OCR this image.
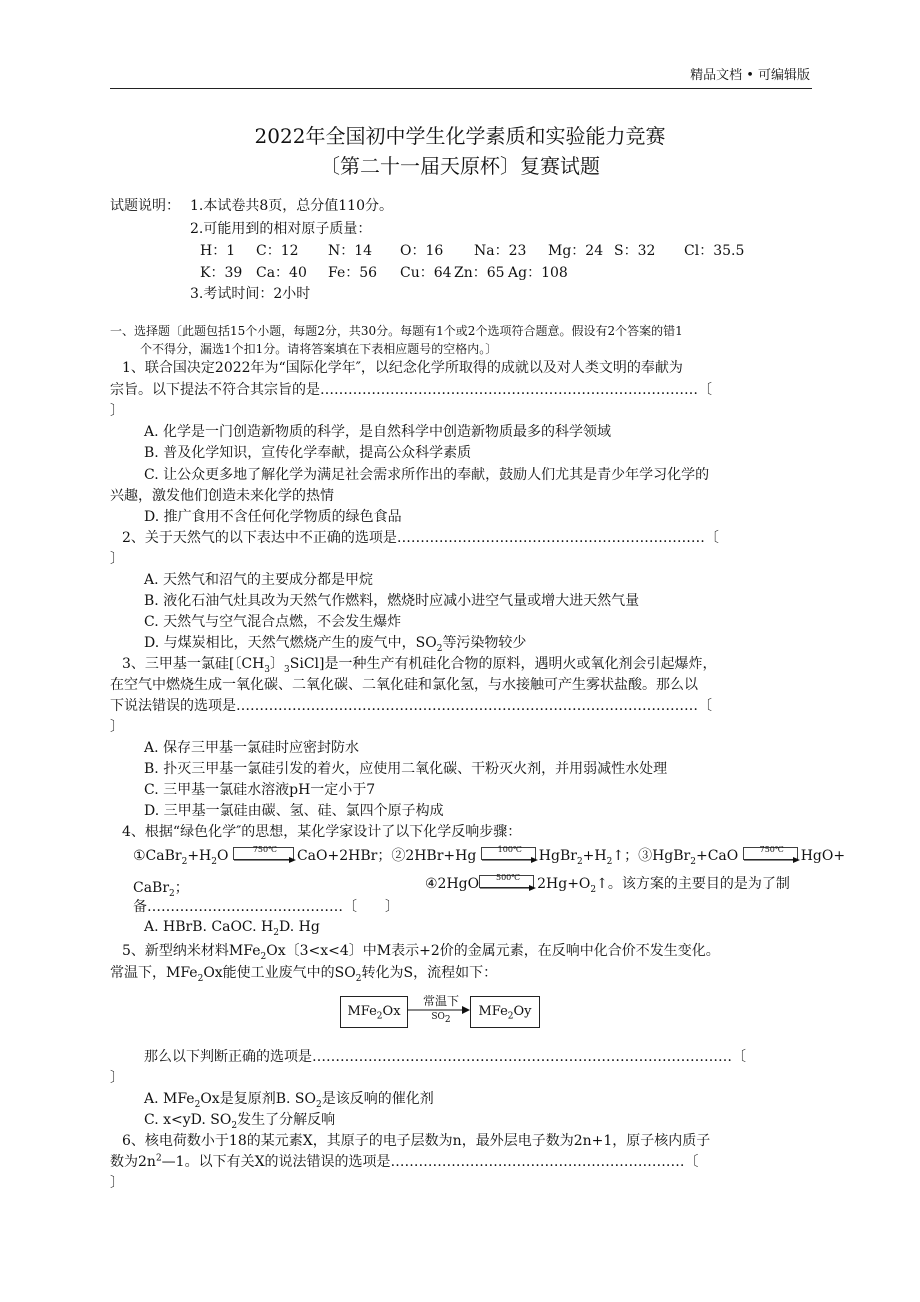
精品文档 • 可编辑版
2022年全国初中学生化学素质和实验能力竞赛
〔第二十一届天原杯〕复赛试题
试题说明： 1.本试卷共8页，总分值110分。
2.可能用到的相对原子质量：
H：1 C：12 N：14 O：16 Na：23 Mg：24 S：32 Cl：35.5
K：39 Ca：40 Fe：56 Cu：64 Zn：65 Ag：108
3.考试时间：2小时
一、选择题〔此题包括15个小题，每题2分，共30分。每题有1个或2个选项符合题意。假设有2个答案的错1
个不得分，漏选1个扣1分。请将答案填在下表相应题号的空格内。〕
1、联合国决定2022年为“国际化学年″，以纪念化学所取得的成就以及对人类文明的奉献为
宗旨。以下提法不符合其宗旨的是………………………………………………………………………〔
〕
A. 化学是一门创造新物质的科学，是自然科学中创造新物质最多的科学领域
B. 普及化学知识，宣传化学奉献，提高公众科学素质
C. 让公众更多地了解化学为满足社会需求所作出的奉献，鼓励人们尤其是青少年学习化学的
兴趣，激发他们创造未来化学的热情
D. 推广食用不含任何化学物质的绿色食品
2、关于天然气的以下表达中不正确的选项是…………………………………………………………〔
〕
A. 天然气和沼气的主要成分都是甲烷
B. 液化石油气灶具改为天然气作燃料，燃烧时应减小进空气量或增大进天然气量
C. 天然气与空气混合点燃，不会发生爆炸
D. 与煤炭相比，天然气燃烧产生的废气中，$SO_2$等污染物较少
3、三甲基一氯硅[〔$CH_3$〕$_3$SiCl]是一种生产有机硅化合物的原料，遇明火或氧化剂会引起爆炸，
在空气中燃烧生成一氧化碳、二氧化碳、二氧化硅和氯化氢，与水接触可产生雾状盐酸。那么以
下说法错误的选项是………………………………………………………………………………………〔
〕
A. 保存三甲基一氯硅时应密封防水
B. 扑灭三甲基一氯硅引发的着火，应使用二氧化碳、干粉灭火剂，并用弱减性水处理
C. 三甲基一氯硅水溶液pH一定小于7
D. 三甲基一氯硅由碳、氢、硅、氯四个原子构成
4、根据“绿色化学″的思想，某化学家设计了以下化学反响步骤：
$①CaBr_2+H_2O$	750℃	CaO+2HBr；②2HBr+Hg	100℃	$HgBr_2+H_2↑$；③HgBr$_2$+CaO	750℃	HgO+
CaBr$_2$；	④2HgO	500℃	$2Hg+O_2↑$。该方案的主要目的是为了制
备……………………………………〔　　〕
A. HBrB. CaOC. $H_2D$. Hg
5、新型纳米材料MFe$_2$Ox〔3<x<4〕中M表示+2价的金属元素，在反响中化合价不发生变化。
常温下，MFe$_2$Ox能使工业废气中的$SO_2$转化为S，流程如下：
MFe$_2$Ox
常温下
$SO_2$
MFe$_2$Oy
那么以下判断正确的选项是………………………………………………………………………………〔
〕
A. MFe$_2$Ox是复原剂B. $SO_2$是该反响的催化剂
C. x<yD. $SO_2$发生了分解反响
6、核电荷数小于18的某元素X，其原子的电子层数为n，最外层电子数为2n+1，原子核内质子
数为$2n^2—1$。以下有关X的说法错误的选项是………………………………………………………〔
〕
